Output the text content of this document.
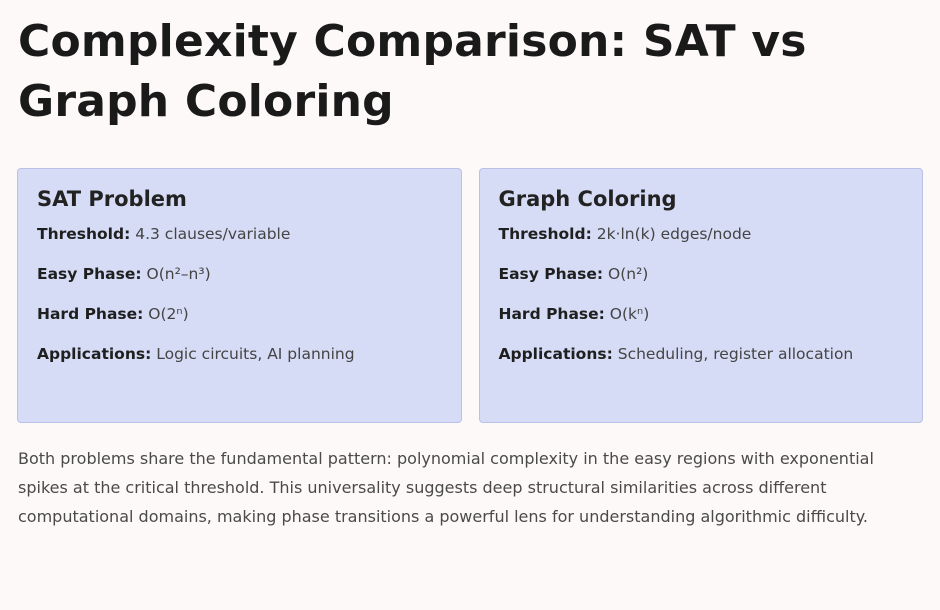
Complexity Comparison: SAT vs Graph Coloring
SAT Problem
Threshold: 4.3 clauses/variable
Easy Phase: O(n²–n³)
Hard Phase: O(2ⁿ)
Applications: Logic circuits, AI planning
Graph Coloring
Threshold: 2k·ln(k) edges/node
Easy Phase: O(n²)
Hard Phase: O(kⁿ)
Applications: Scheduling, register allocation

Both problems share the fundamental pattern: polynomial complexity in the easy regions with exponential spikes at the critical threshold. This universality suggests deep structural similarities across different computational domains, making phase transitions a powerful lens for understanding algorithmic difficulty.
